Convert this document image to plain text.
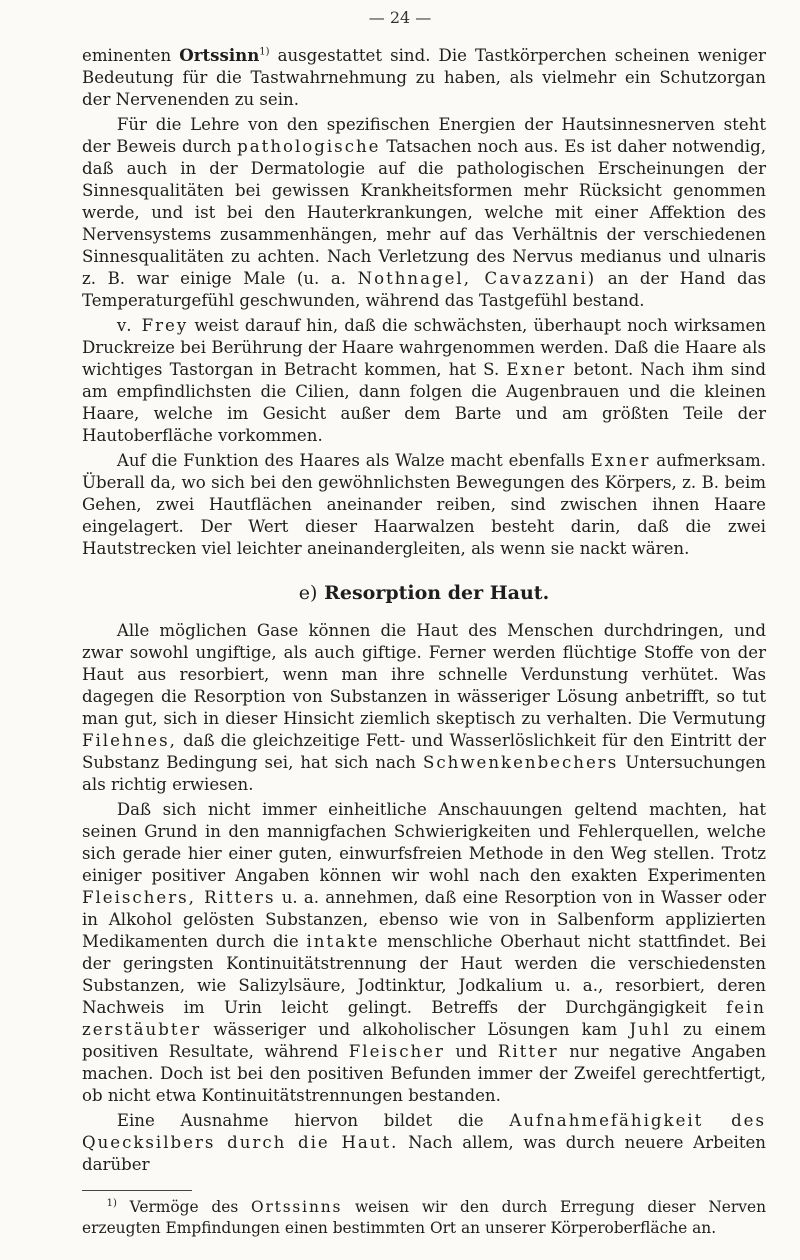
— 24 —

eminenten Ortssinn$^{1)}$ ausgestattet sind. Die Tastkörperchen scheinen weniger Bedeutung für die Tastwahrnehmung zu haben, als vielmehr ein Schutzorgan der Nervenenden zu sein.

Für die Lehre von den spezifischen Energien der Hautsinnesnerven steht der Beweis durch pathologische Tatsachen noch aus. Es ist daher notwendig, daß auch in der Dermatologie auf die pathologischen Erscheinungen der Sinnesqualitäten bei gewissen Krankheitsformen mehr Rücksicht genommen werde, und ist bei den Hauterkrankungen, welche mit einer Affektion des Nervensystems zusammenhängen, mehr auf das Verhältnis der verschiedenen Sinnesqualitäten zu achten. Nach Verletzung des Nervus medianus und ulnaris z. B. war einige Male (u. a. Nothnagel, Cavazzani) an der Hand das Temperaturgefühl geschwunden, während das Tastgefühl bestand.

v. Frey weist darauf hin, daß die schwächsten, überhaupt noch wirksamen Druckreize bei Berührung der Haare wahrgenommen werden. Daß die Haare als wichtiges Tastorgan in Betracht kommen, hat S. Exner betont. Nach ihm sind am empfindlichsten die Cilien, dann folgen die Augenbrauen und die kleinen Haare, welche im Gesicht außer dem Barte und am größten Teile der Hautoberfläche vorkommen.

Auf die Funktion des Haares als Walze macht ebenfalls Exner aufmerksam. Überall da, wo sich bei den gewöhnlichsten Bewegungen des Körpers, z. B. beim Gehen, zwei Hautflächen aneinander reiben, sind zwischen ihnen Haare eingelagert. Der Wert dieser Haarwalzen besteht darin, daß die zwei Hautstrecken viel leichter aneinandergleiten, als wenn sie nackt wären.

e) Resorption der Haut.

Alle möglichen Gase können die Haut des Menschen durchdringen, und zwar sowohl ungiftige, als auch giftige. Ferner werden flüchtige Stoffe von der Haut aus resorbiert, wenn man ihre schnelle Verdunstung verhütet. Was dagegen die Resorption von Substanzen in wässeriger Lösung anbetrifft, so tut man gut, sich in dieser Hinsicht ziemlich skeptisch zu verhalten. Die Vermutung Filehnes, daß die gleichzeitige Fett- und Wasserlöslichkeit für den Eintritt der Substanz Bedingung sei, hat sich nach Schwenkenbechers Untersuchungen als richtig erwiesen.

Daß sich nicht immer einheitliche Anschauungen geltend machten, hat seinen Grund in den mannigfachen Schwierigkeiten und Fehlerquellen, welche sich gerade hier einer guten, einwurfsfreien Methode in den Weg stellen. Trotz einiger positiver Angaben können wir wohl nach den exakten Experimenten Fleischers, Ritters u. a. annehmen, daß eine Resorption von in Wasser oder in Alkohol gelösten Substanzen, ebenso wie von in Salbenform applizierten Medikamenten durch die intakte menschliche Oberhaut nicht stattfindet. Bei der geringsten Kontinuitätstrennung der Haut werden die verschiedensten Substanzen, wie Salizylsäure, Jodtinktur, Jodkalium u. a., resorbiert, deren Nachweis im Urin leicht gelingt. Betreffs der Durchgängigkeit fein zerstäubter wässeriger und alkoholischer Lösungen kam Juhl zu einem positiven Resultate, während Fleischer und Ritter nur negative Angaben machen. Doch ist bei den positiven Befunden immer der Zweifel gerechtfertigt, ob nicht etwa Kontinuitätstrennungen bestanden.

Eine Ausnahme hiervon bildet die Aufnahmefähigkeit des Quecksilbers durch die Haut. Nach allem, was durch neuere Arbeiten darüber

$^{1)}$ Vermöge des Ortssinns weisen wir den durch Erregung dieser Nerven erzeugten Empfindungen einen bestimmten Ort an unserer Körperoberfläche an.
